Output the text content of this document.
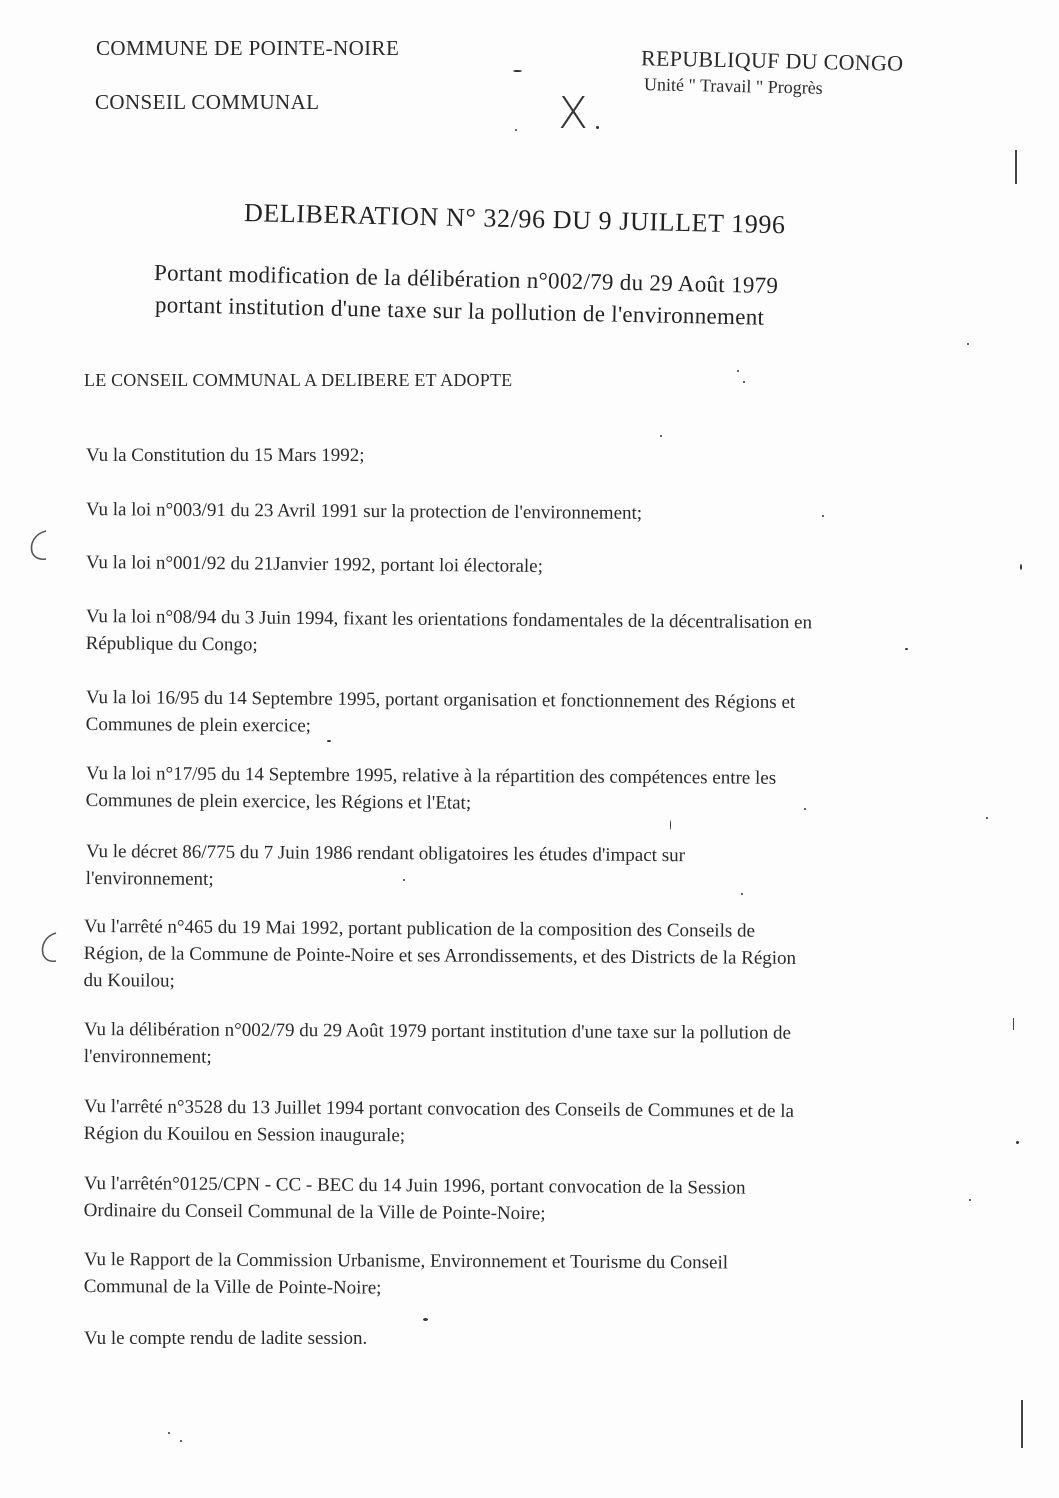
COMMUNE DE POINTE-NOIRE
CONSEIL COMMUNAL
REPUBLIQUF DU CONGO
Unité " Travail " Progrès
X
DELIBERATION N° 32/96 DU 9 JUILLET 1996
Portant modification de la délibération n°002/79 du 29 Août 1979
portant institution d'une taxe sur la pollution de l'environnement
LE CONSEIL COMMUNAL A DELIBERE ET ADOPTE
Vu la Constitution du 15 Mars 1992;
Vu la loi n°003/91 du 23 Avril 1991 sur la protection de l'environnement;
Vu la loi n°001/92 du 21Janvier 1992, portant loi électorale;
Vu la loi n°08/94 du 3 Juin 1994, fixant les orientations fondamentales de la décentralisation en
République du Congo;
Vu la loi 16/95 du 14 Septembre 1995, portant organisation et fonctionnement des Régions et
Communes de plein exercice;
Vu la loi n°17/95 du 14 Septembre 1995, relative à la répartition des compétences entre les
Communes de plein exercice, les Régions et l'Etat;
Vu le décret 86/775 du 7 Juin 1986 rendant obligatoires les études d'impact sur
l'environnement;
Vu l'arrêté n°465 du 19 Mai 1992, portant publication de la composition des Conseils de
Région, de la Commune de Pointe-Noire et ses Arrondissements, et des Districts de la Région
du Kouilou;
Vu la délibération n°002/79 du 29 Août 1979 portant institution d'une taxe sur la pollution de
l'environnement;
Vu l'arrêté n°3528 du 13 Juillet 1994 portant convocation des Conseils de Communes et de la
Région du Kouilou en Session inaugurale;
Vu l'arrêtén°0125/CPN - CC - BEC du 14 Juin 1996, portant convocation de la Session
Ordinaire du Conseil Communal de la Ville de Pointe-Noire;
Vu le Rapport de la Commission Urbanisme, Environnement et Tourisme du Conseil
Communal de la Ville de Pointe-Noire;
Vu le compte rendu de ladite session.
